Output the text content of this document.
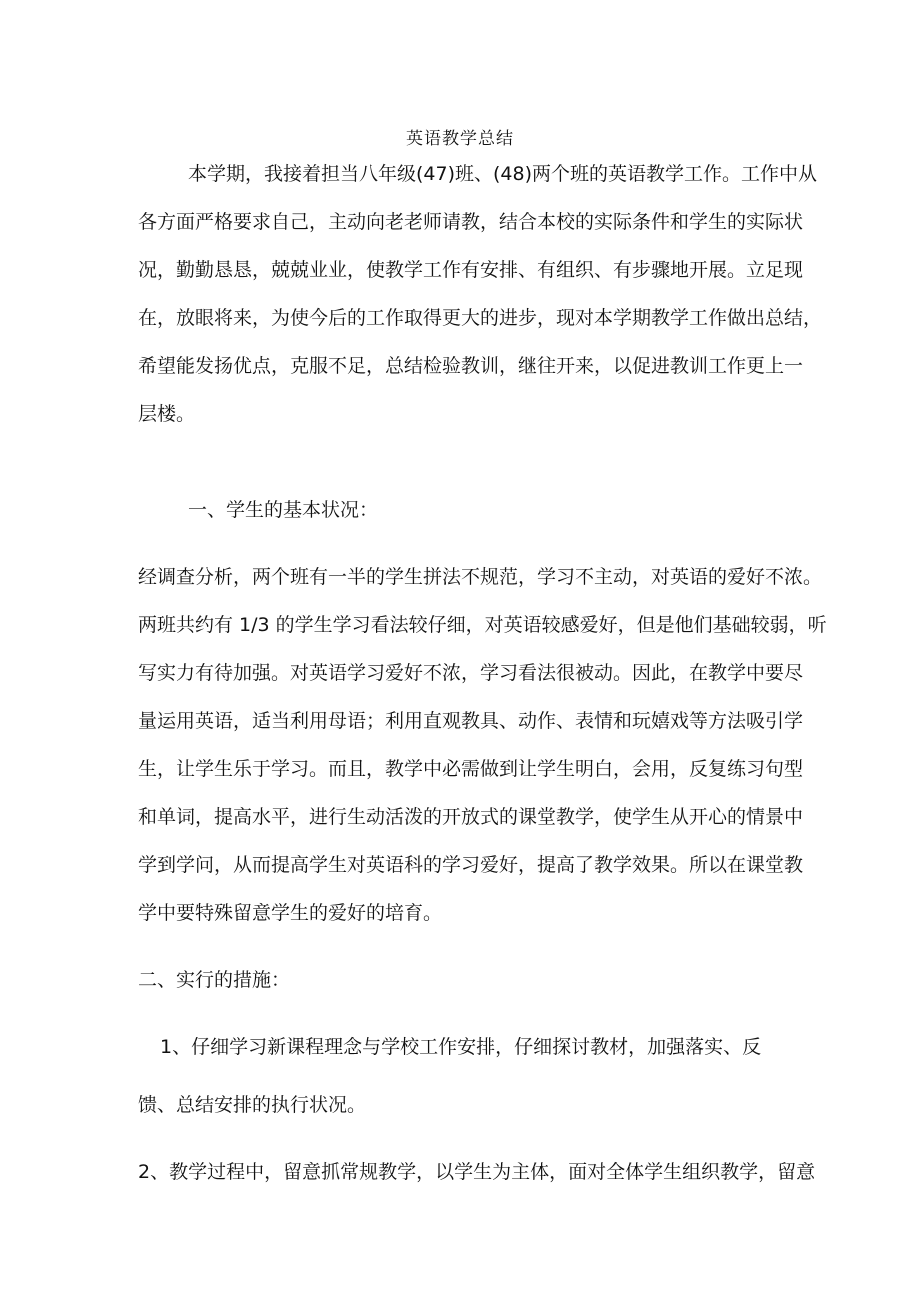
英语教学总结
本学期，我接着担当八年级(47)班、(48)两个班的英语教学工作。工作中从
各方面严格要求自己，主动向老老师请教，结合本校的实际条件和学生的实际状
况，勤勤恳恳，兢兢业业，使教学工作有安排、有组织、有步骤地开展。立足现
在，放眼将来，为使今后的工作取得更大的进步，现对本学期教学工作做出总结，
希望能发扬优点，克服不足，总结检验教训，继往开来，以促进教训工作更上一
层楼。
一、学生的基本状况：
经调查分析，两个班有一半的学生拼法不规范，学习不主动，对英语的爱好不浓。
两班共约有 1/3 的学生学习看法较仔细，对英语较感爱好，但是他们基础较弱，听
写实力有待加强。对英语学习爱好不浓，学习看法很被动。因此，在教学中要尽
量运用英语，适当利用母语；利用直观教具、动作、表情和玩嬉戏等方法吸引学
生，让学生乐于学习。而且，教学中必需做到让学生明白，会用，反复练习句型
和单词，提高水平，进行生动活泼的开放式的课堂教学，使学生从开心的情景中
学到学问，从而提高学生对英语科的学习爱好，提高了教学效果。所以在课堂教
学中要特殊留意学生的爱好的培育。
二、实行的措施：
1、仔细学习新课程理念与学校工作安排，仔细探讨教材，加强落实、反
馈、总结安排的执行状况。
2、教学过程中，留意抓常规教学，以学生为主体，面对全体学生组织教学，留意
